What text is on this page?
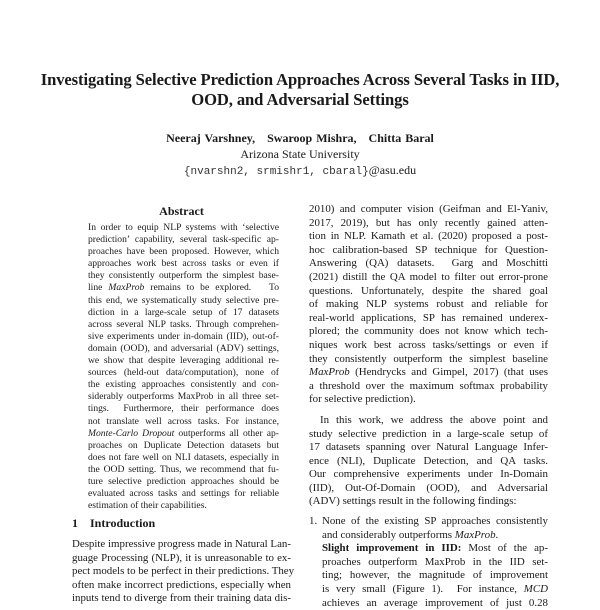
Investigating Selective Prediction Approaches Across Several Tasks in IID,
OOD, and Adversarial Settings
Neeraj Varshney,   Swaroop Mishra,   Chitta Baral
Arizona State University
{nvarshn2, srmishr1, cbaral}@asu.edu
Abstract
In order to equip NLP systems with ‘selective
prediction’ capability, several task-specific ap-
proaches have been proposed. However, which
approaches work best across tasks or even if
they consistently outperform the simplest base-
line MaxProb remains to be explored.   To
this end, we systematically study selective pre-
diction in a large-scale setup of 17 datasets
across several NLP tasks. Through comprehen-
sive experiments under in-domain (IID), out-of-
domain (OOD), and adversarial (ADV) settings,
we show that despite leveraging additional re-
sources (held-out data/computation), none of
the existing approaches consistently and con-
siderably outperforms MaxProb in all three set-
tings.  Furthermore, their performance does
not translate well across tasks. For instance,
Monte-Carlo Dropout outperforms all other ap-
proaches on Duplicate Detection datasets but
does not fare well on NLI datasets, especially in
the OOD setting. Thus, we recommend that fu-
ture selective prediction approaches should be
evaluated across tasks and settings for reliable
estimation of their capabilities.
1 Introduction
Despite impressive progress made in Natural Lan-
guage Processing (NLP), it is unreasonable to ex-
pect models to be perfect in their predictions. They
often make incorrect predictions, especially when
inputs tend to diverge from their training data dis-
2010) and computer vision (Geifman and El-Yaniv,
2017, 2019), but has only recently gained atten-
tion in NLP. Kamath et al. (2020) proposed a post-
hoc calibration-based SP technique for Question-
Answering (QA) datasets.  Garg and Moschitti
(2021) distill the QA model to filter out error-prone
questions. Unfortunately, despite the shared goal
of making NLP systems robust and reliable for
real-world applications, SP has remained underex-
plored; the community does not know which tech-
niques work best across tasks/settings or even if
they consistently outperform the simplest baseline
MaxProb (Hendrycks and Gimpel, 2017) (that uses
a threshold over the maximum softmax probability
for selective prediction).
In this work, we address the above point and
study selective prediction in a large-scale setup of
17 datasets spanning over Natural Language Infer-
ence (NLI), Duplicate Detection, and QA tasks.
Our comprehensive experiments under In-Domain
(IID), Out-Of-Domain (OOD), and Adversarial
(ADV) settings result in the following findings:
1. None of the existing SP approaches consistently
and considerably outperforms MaxProb.
Slight improvement in IID: Most of the ap-
proaches outperform MaxProb in the IID set-
ting; however, the magnitude of improvement
is very small (Figure 1).  For instance, MCD
achieves an average improvement of just 0.28
